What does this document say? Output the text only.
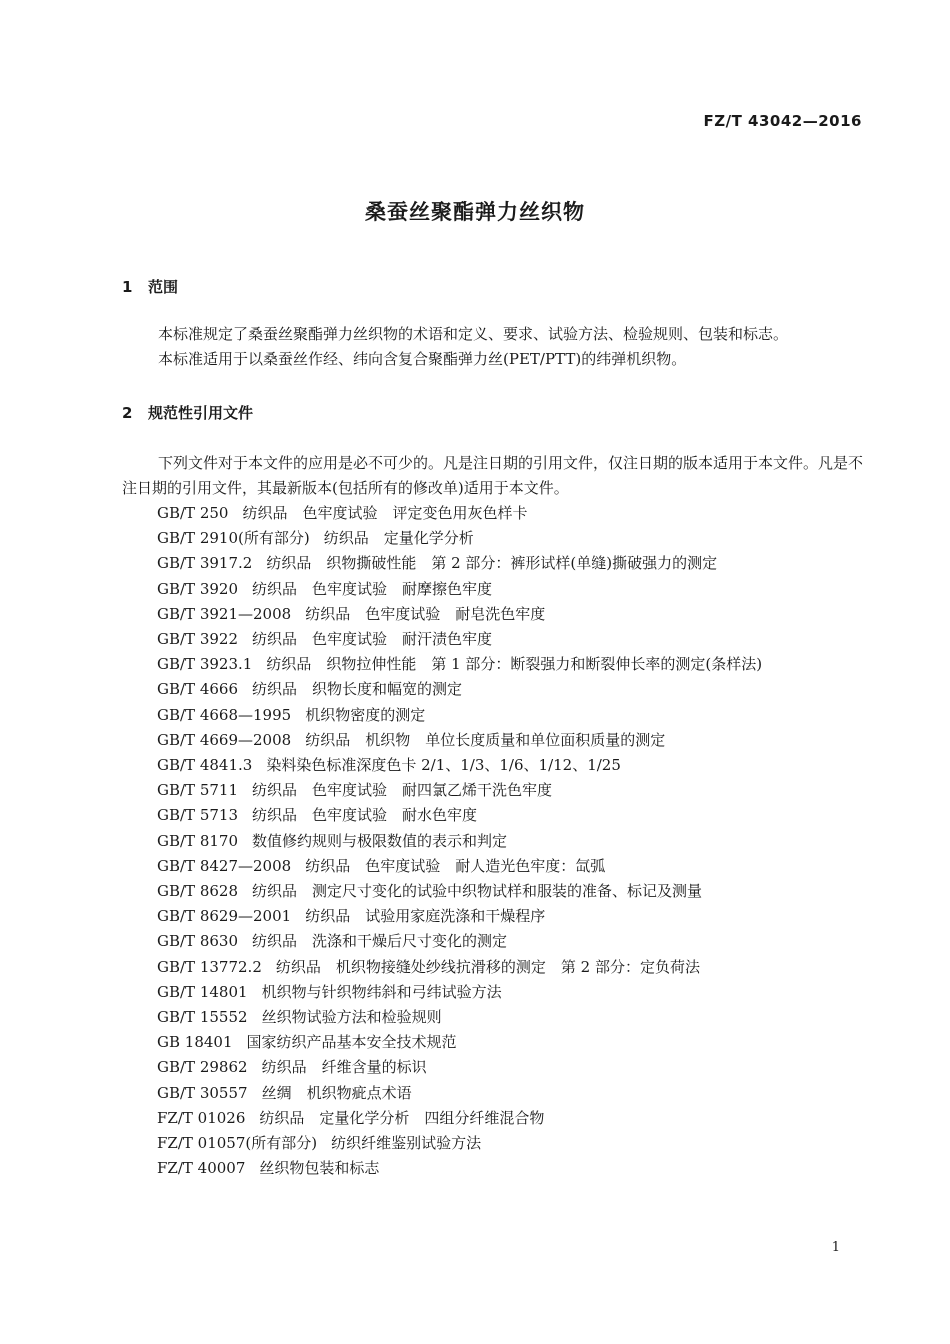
FZ/T 43042—2016
桑蚕丝聚酯弹力丝织物
1 范围

本标准规定了桑蚕丝聚酯弹力丝织物的术语和定义、要求、试验方法、检验规则、包装和标志。

本标准适用于以桑蚕丝作经、纬向含复合聚酯弹力丝(PET/PTT)的纬弹机织物。

2 规范性引用文件

下列文件对于本文件的应用是必不可少的。凡是注日期的引用文件，仅注日期的版本适用于本文件。凡是不注日期的引用文件，其最新版本(包括所有的修改单)适用于本文件。

GB/T 250 纺织品　色牢度试验　评定变色用灰色样卡
GB/T 2910(所有部分) 纺织品　定量化学分析
GB/T 3917.2 纺织品　织物撕破性能　第 2 部分：裤形试样(单缝)撕破强力的测定
GB/T 3920 纺织品　色牢度试验　耐摩擦色牢度
GB/T 3921—2008 纺织品　色牢度试验　耐皂洗色牢度
GB/T 3922 纺织品　色牢度试验　耐汗渍色牢度
GB/T 3923.1 纺织品　织物拉伸性能　第 1 部分：断裂强力和断裂伸长率的测定(条样法)
GB/T 4666 纺织品　织物长度和幅宽的测定
GB/T 4668—1995 机织物密度的测定
GB/T 4669—2008 纺织品　机织物　单位长度质量和单位面积质量的测定
GB/T 4841.3 染料染色标准深度色卡 2/1、1/3、1/6、1/12、1/25
GB/T 5711 纺织品　色牢度试验　耐四氯乙烯干洗色牢度
GB/T 5713 纺织品　色牢度试验　耐水色牢度
GB/T 8170 数值修约规则与极限数值的表示和判定
GB/T 8427—2008 纺织品　色牢度试验　耐人造光色牢度：氙弧
GB/T 8628 纺织品　测定尺寸变化的试验中织物试样和服装的准备、标记及测量
GB/T 8629—2001 纺织品　试验用家庭洗涤和干燥程序
GB/T 8630 纺织品　洗涤和干燥后尺寸变化的测定
GB/T 13772.2 纺织品　机织物接缝处纱线抗滑移的测定　第 2 部分：定负荷法
GB/T 14801 机织物与针织物纬斜和弓纬试验方法
GB/T 15552 丝织物试验方法和检验规则
GB 18401 国家纺织产品基本安全技术规范
GB/T 29862 纺织品　纤维含量的标识
GB/T 30557 丝绸　机织物疵点术语
FZ/T 01026 纺织品　定量化学分析　四组分纤维混合物
FZ/T 01057(所有部分) 纺织纤维鉴别试验方法
FZ/T 40007 丝织物包装和标志
1
